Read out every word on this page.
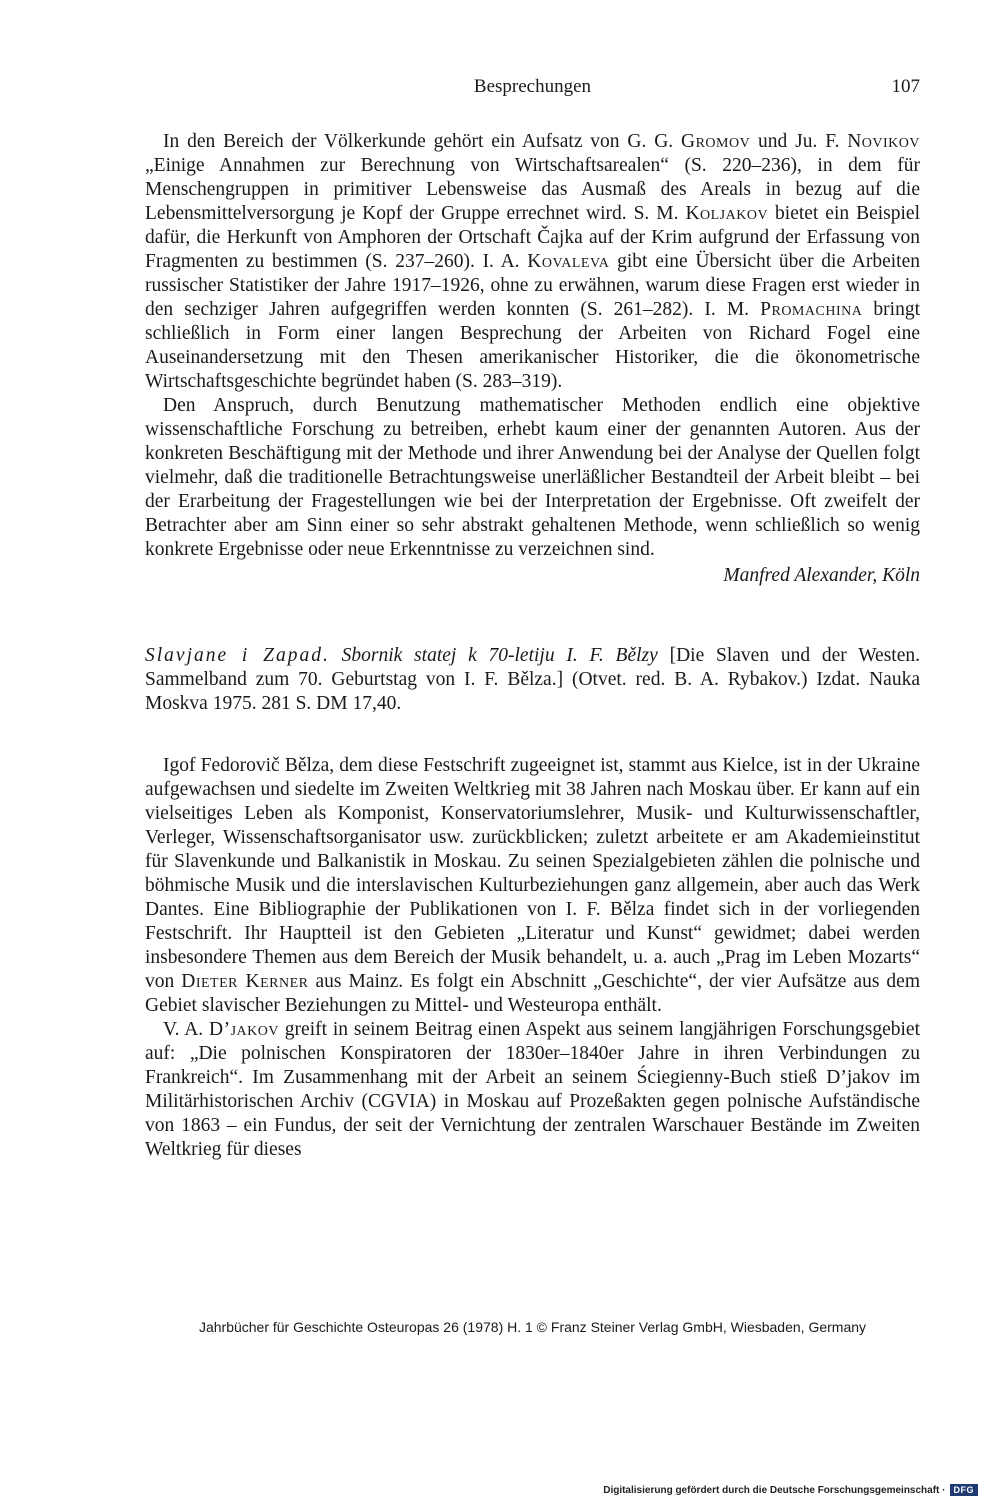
Besprechungen	107

In den Bereich der Völkerkunde gehört ein Aufsatz von G. G. Gromov und Ju. F. Novikov „Einige Annahmen zur Berechnung von Wirtschaftsarealen“ (S. 220–236), in dem für Menschengruppen in primitiver Lebensweise das Ausmaß des Areals in bezug auf die Lebensmittelversorgung je Kopf der Gruppe errechnet wird. S. M. Koljakov bietet ein Beispiel dafür, die Herkunft von Amphoren der Ortschaft Čajka auf der Krim aufgrund der Erfassung von Fragmenten zu bestimmen (S. 237–260). I. A. Kovaleva gibt eine Übersicht über die Arbeiten russischer Statistiker der Jahre 1917–1926, ohne zu erwähnen, warum diese Fragen erst wieder in den sechziger Jahren aufgegriffen werden konnten (S. 261–282). I. M. Promachina bringt schließlich in Form einer langen Besprechung der Arbeiten von Richard Fogel eine Auseinandersetzung mit den Thesen amerikanischer Historiker, die die ökonometrische Wirtschaftsgeschichte begründet haben (S. 283–319).

Den Anspruch, durch Benutzung mathematischer Methoden endlich eine objektive wissenschaftliche Forschung zu betreiben, erhebt kaum einer der genannten Autoren. Aus der konkreten Beschäftigung mit der Methode und ihrer Anwendung bei der Analyse der Quellen folgt vielmehr, daß die traditionelle Betrachtungsweise unerläßlicher Bestandteil der Arbeit bleibt – bei der Erarbeitung der Fragestellungen wie bei der Interpretation der Ergebnisse. Oft zweifelt der Betrachter aber am Sinn einer so sehr abstrakt gehaltenen Methode, wenn schließlich so wenig konkrete Ergebnisse oder neue Erkenntnisse zu verzeichnen sind.

Manfred Alexander, Köln

Slavjane i Zapad. Sbornik statej k 70-letiju I. F. Bělzy [Die Slaven und der Westen. Sammelband zum 70. Geburtstag von I. F. Bělza.] (Otvet. red. B. A. Rybakov.) Izdat. Nauka Moskva 1975. 281 S. DM 17,40.

Igof Fedorovič Bělza, dem diese Festschrift zugeeignet ist, stammt aus Kielce, ist in der Ukraine aufgewachsen und siedelte im Zweiten Weltkrieg mit 38 Jahren nach Moskau über. Er kann auf ein vielseitiges Leben als Komponist, Konservatoriumslehrer, Musik- und Kulturwissenschaftler, Verleger, Wissenschaftsorganisator usw. zurückblicken; zuletzt arbeitete er am Akademieinstitut für Slavenkunde und Balkanistik in Moskau. Zu seinen Spezialgebieten zählen die polnische und böhmische Musik und die interslavischen Kulturbeziehungen ganz allgemein, aber auch das Werk Dantes. Eine Bibliographie der Publikationen von I. F. Bělza findet sich in der vorliegenden Festschrift. Ihr Hauptteil ist den Gebieten „Literatur und Kunst“ gewidmet; dabei werden insbesondere Themen aus dem Bereich der Musik behandelt, u. a. auch „Prag im Leben Mozarts“ von Dieter Kerner aus Mainz. Es folgt ein Abschnitt „Geschichte“, der vier Aufsätze aus dem Gebiet slavischer Beziehungen zu Mittel- und Westeuropa enthält.

V. A. D’jakov greift in seinem Beitrag einen Aspekt aus seinem langjährigen Forschungsgebiet auf: „Die polnischen Konspiratoren der 1830er–1840er Jahre in ihren Verbindungen zu Frankreich“. Im Zusammenhang mit der Arbeit an seinem Ściegienny-Buch stieß D’jakov im Militärhistorischen Archiv (CGVIA) in Moskau auf Prozeßakten gegen polnische Aufständische von 1863 – ein Fundus, der seit der Vernichtung der zentralen Warschauer Bestände im Zweiten Weltkrieg für dieses

Jahrbücher für Geschichte Osteuropas 26 (1978) H. 1 © Franz Steiner Verlag GmbH, Wiesbaden, Germany
Digitalisierung gefördert durch die Deutsche Forschungsgemeinschaft · DFG
